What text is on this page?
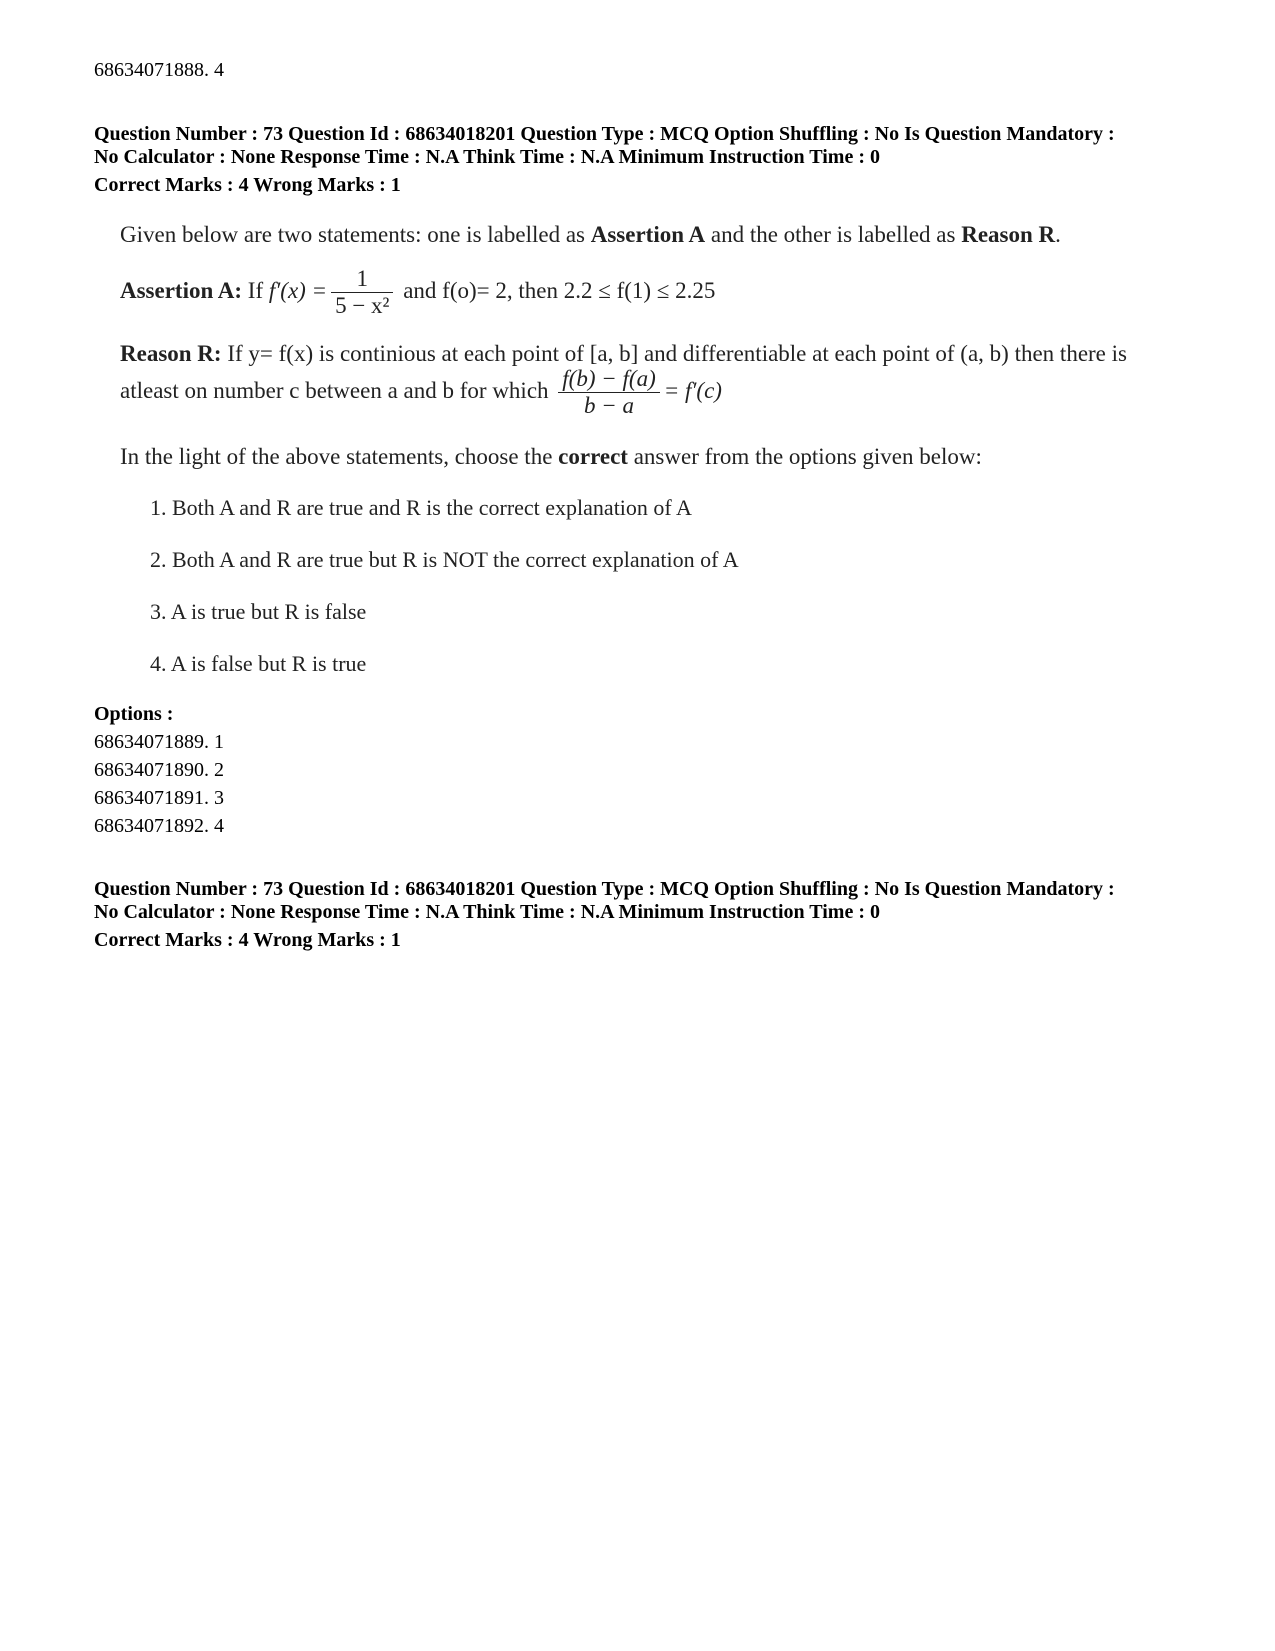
68634071888. 4
Question Number : 73 Question Id : 68634018201 Question Type : MCQ Option Shuffling : No Is Question Mandatory :
No Calculator : None Response Time : N.A Think Time : N.A Minimum Instruction Time : 0
Correct Marks : 4 Wrong Marks : 1
Given below are two statements: one is labelled as Assertion A and the other is labelled as Reason R.
Assertion A: If $f'(x) = \frac{1}{\text{5 − x²}}$ and f(o)= 2, then 2.2 ≤ f(1) ≤ 2.25
Reason R: If y= f(x) is continious at each point of [a, b] and differentiable at each point of (a, b) then there is
atleast on number c between a and b for which $\frac{f(b) - f(a)}{b - a} = f'(c)$
In the light of the above statements, choose the correct answer from the options given below:
1. Both A and R are true and R is the correct explanation of A
2. Both A and R are true but R is NOT the correct explanation of A
3. A is true but R is false
4. A is false but R is true
Options :
68634071889. 1
68634071890. 2
68634071891. 3
68634071892. 4
Question Number : 73 Question Id : 68634018201 Question Type : MCQ Option Shuffling : No Is Question Mandatory :
No Calculator : None Response Time : N.A Think Time : N.A Minimum Instruction Time : 0
Correct Marks : 4 Wrong Marks : 1
